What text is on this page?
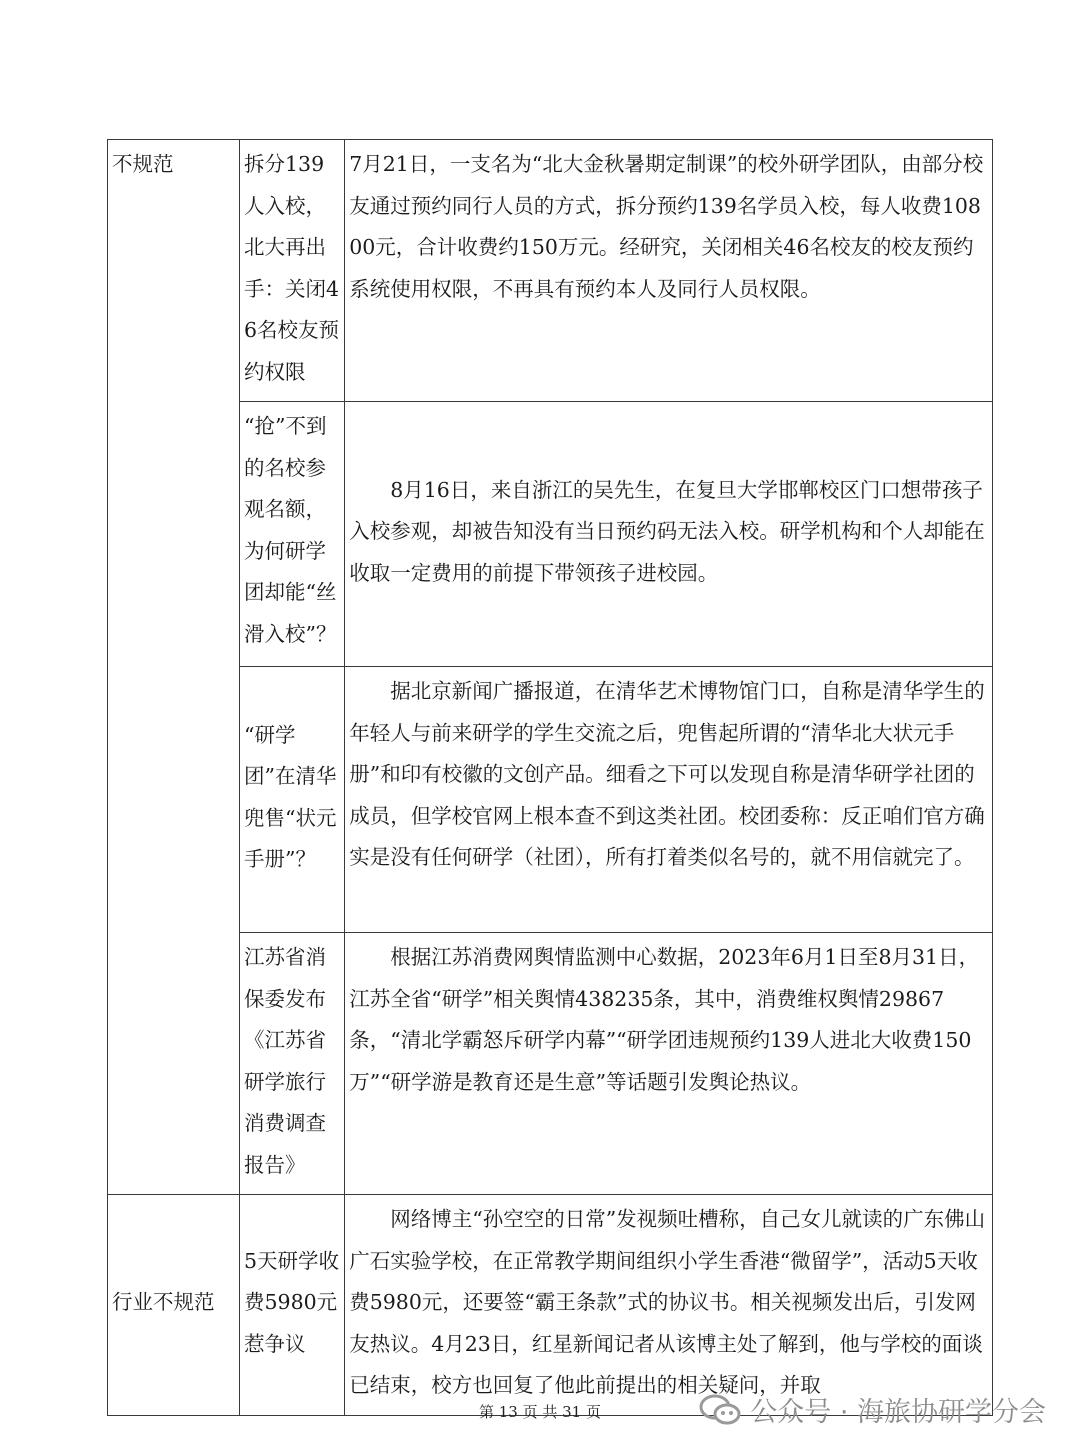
不规范	拆分139人入校，北大再出手：关闭46名校友预约权限	7月21日，一支名为“北大金秋暑期定制课”的校外研学团队，由部分校友通过预约同行人员的方式，拆分预约139名学员入校，每人收费10800元，合计收费约150万元。经研究，关闭相关46名校友的校友预约系统使用权限，不再具有预约本人及同行人员权限。

	“抢”不到的名校参观名额，为何研学团却能“丝滑入校”？	8月16日，来自浙江的吴先生，在复旦大学邯郸校区门口想带孩子入校参观，却被告知没有当日预约码无法入校。研学机构和个人却能在收取一定费用的前提下带领孩子进校园。

	“研学团”在清华兜售“状元手册”？	据北京新闻广播报道，在清华艺术博物馆门口，自称是清华学生的年轻人与前来研学的学生交流之后，兜售起所谓的“清华北大状元手册”和印有校徽的文创产品。细看之下可以发现自称是清华研学社团的成员，但学校官网上根本查不到这类社团。校团委称：反正咱们官方确实是没有任何研学（社团），所有打着类似名号的，就不用信就完了。

	江苏省消保委发布《江苏省研学旅行消费调查报告》	根据江苏消费网舆情监测中心数据，2023年6月1日至8月31日，江苏全省“研学”相关舆情438235条，其中，消费维权舆情29867条，“清北学霸怒斥研学内幕”“研学团违规预约139人进北大收费150万”“研学游是教育还是生意”等话题引发舆论热议。

行业不规范	5天研学收费5980元惹争议	网络博主“孙空空的日常”发视频吐槽称，自己女儿就读的广东佛山广石实验学校，在正常教学期间组织小学生香港“微留学”，活动5天收费5980元，还要签“霸王条款”式的协议书。相关视频发出后，引发网友热议。4月23日，红星新闻记者从该博主处了解到，他与学校的面谈已结束，校方也回复了他此前提出的相关疑问，并取

第 13 页 共 31 页	公众号 · 海旅协研学分会
